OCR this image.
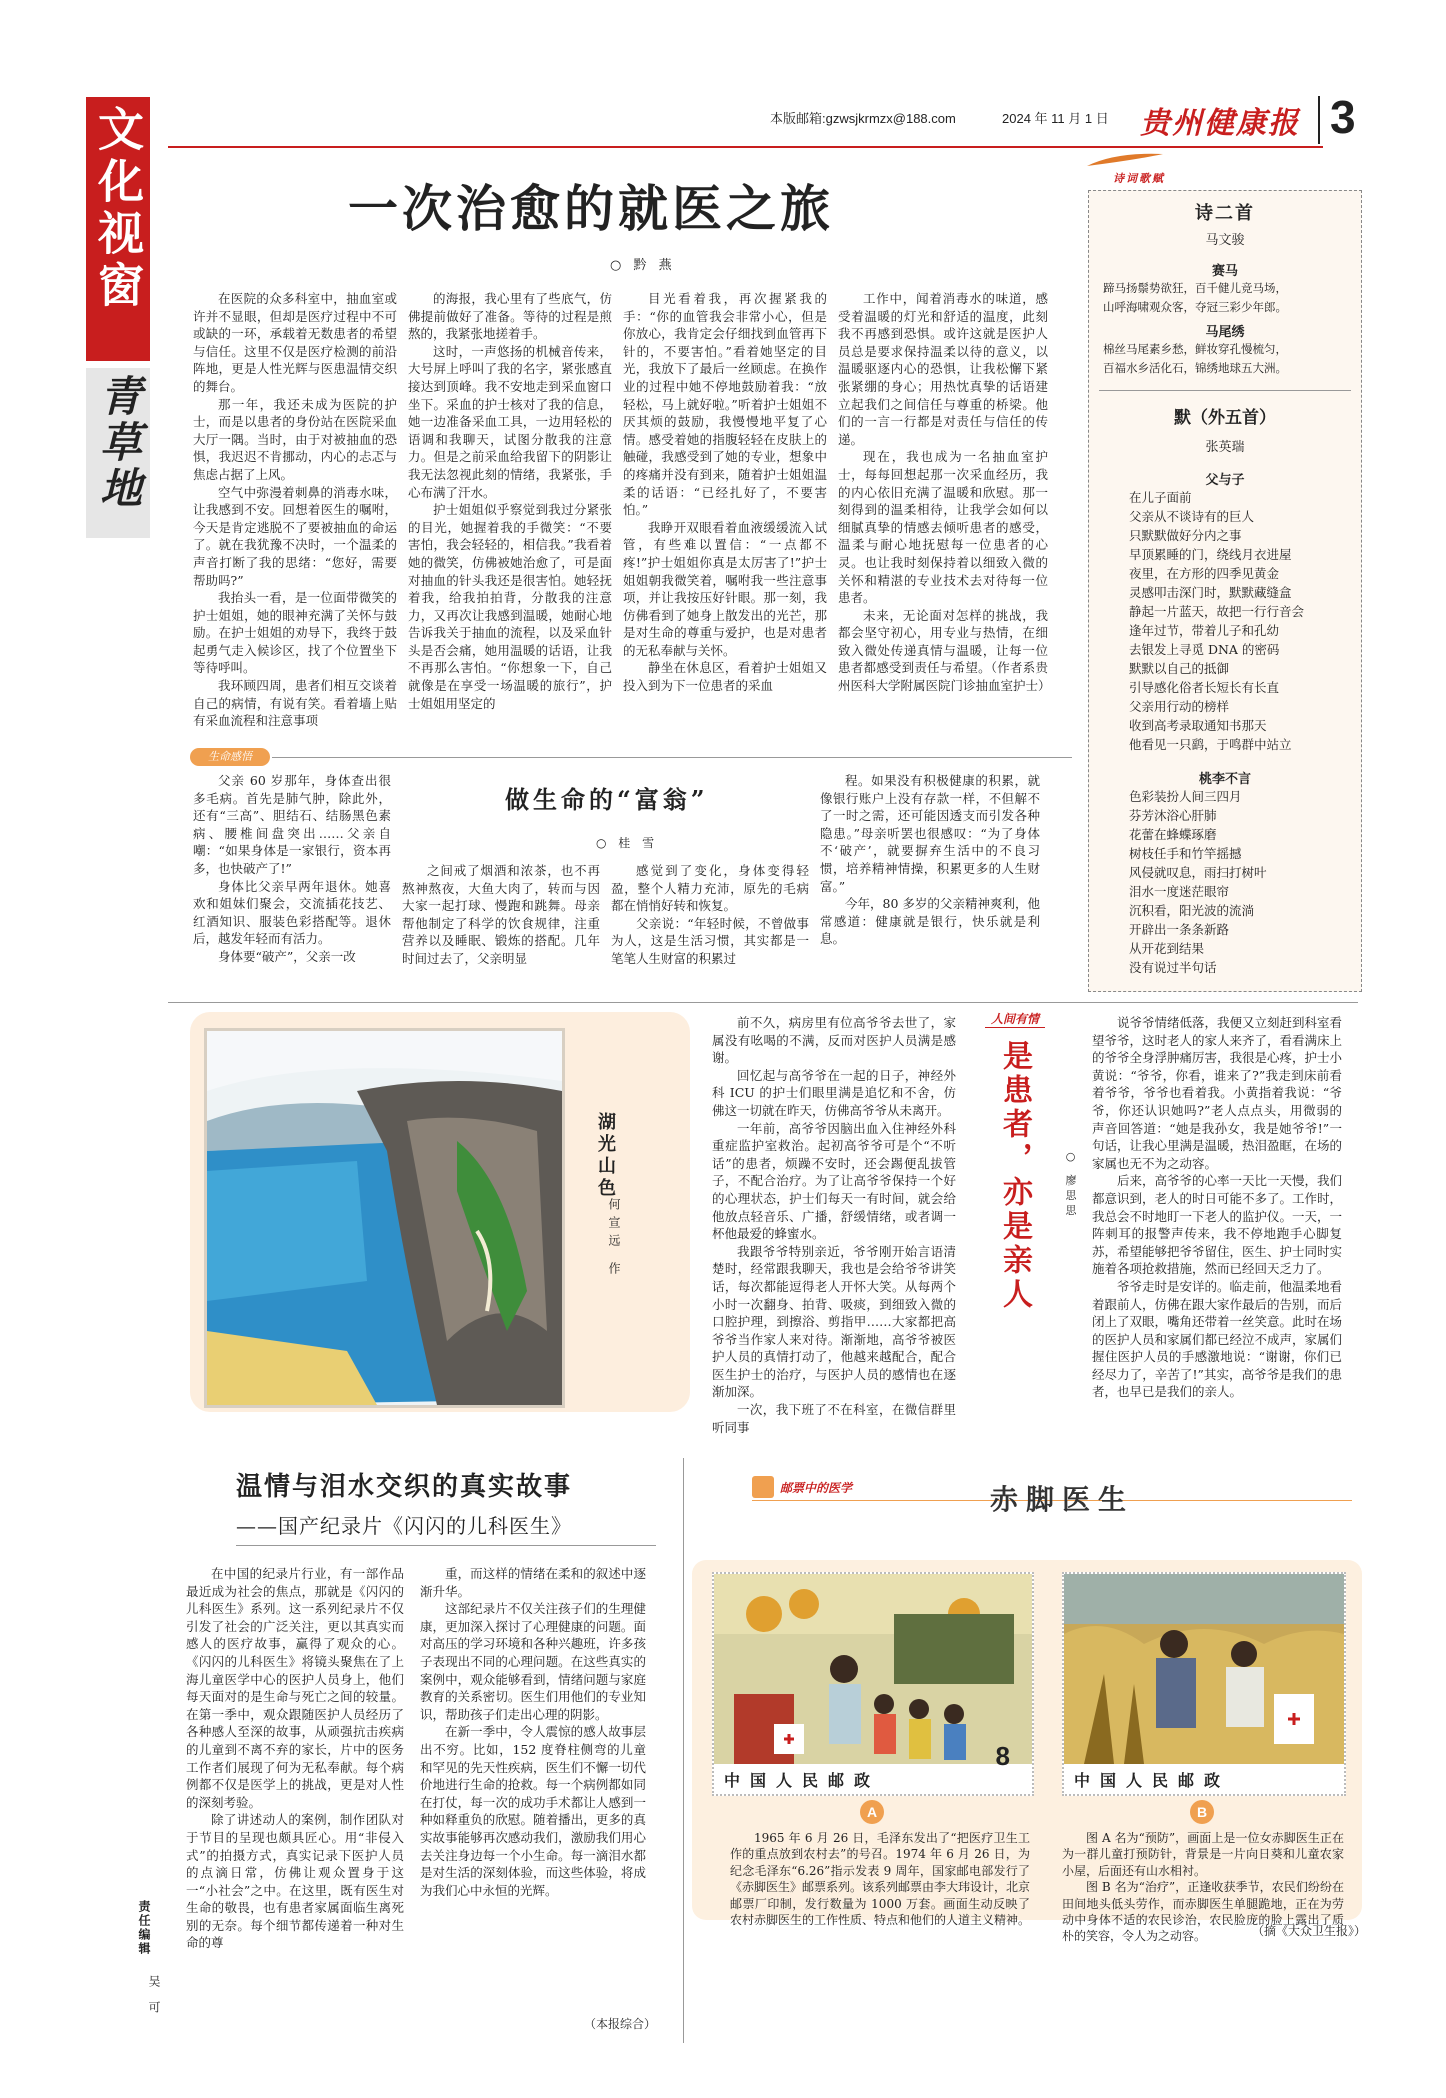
本版邮箱:gzwsjkrmzx@188.com	2024 年 11 月 1 日 贵州健康报 3
文化视窗
青草地
责任编辑
吴可
一次治愈的就医之旅
○ 黔 燕

在医院的众多科室中，抽血室或许并不显眼，但却是医疗过程中不可或缺的一环，承载着无数患者的希望与信任。这里不仅是医疗检测的前沿阵地，更是人性光辉与医患温情交织的舞台。

那一年，我还未成为医院的护士，而是以患者的身份站在医院采血大厅一隅。当时，由于对被抽血的恐惧，我迟迟不肯挪动，内心的忐忑与焦虑占据了上风。

空气中弥漫着刺鼻的消毒水味，让我感到不安。回想着医生的嘱咐，今天是肯定逃脱不了要被抽血的命运了。就在我犹豫不决时，一个温柔的声音打断了我的思绪：“您好，需要帮助吗?”

我抬头一看，是一位面带微笑的护士姐姐，她的眼神充满了关怀与鼓励。在护士姐姐的劝导下，我终于鼓起勇气走入候诊区，找了个位置坐下等待呼叫。

我环顾四周，患者们相互交谈着自己的病情，有说有笑。看着墙上贴有采血流程和注意事项

的海报，我心里有了些底气，仿佛提前做好了准备。等待的过程是煎熬的，我紧张地搓着手。

这时，一声悠扬的机械音传来，大号屏上呼叫了我的名字，紧张感直接达到顶峰。我不安地走到采血窗口坐下。采血的护士核对了我的信息，她一边准备采血工具，一边用轻松的语调和我聊天，试图分散我的注意力。但是之前采血给我留下的阴影让我无法忽视此刻的情绪，我紧张，手心布满了汗水。

护士姐姐似乎察觉到我过分紧张的目光，她握着我的手微笑：“不要害怕，我会轻轻的，相信我。”我看着她的微笑，仿佛被她治愈了，可是面对抽血的针头我还是很害怕。她轻抚着我，给我拍拍背，分散我的注意力，又再次让我感到温暖，她耐心地告诉我关于抽血的流程，以及采血针头是否会痛，她用温暖的话语，让我不再那么害怕。“你想象一下，自己就像是在享受一场温暖的旅行”，护士姐姐用坚定的

目光看着我，再次握紧我的手：“你的血管我会非常小心，但是你放心，我肯定会仔细找到血管再下针的，不要害怕。”看着她坚定的目光，我放下了最后一丝顾虑。在换作业的过程中她不停地鼓励着我：“放轻松，马上就好啦。”听着护士姐姐不厌其烦的鼓励，我慢慢地平复了心情。感受着她的指腹轻轻在皮肤上的触碰，我感受到了她的专业，想象中的疼痛并没有到来，随着护士姐姐温柔的话语：“已经扎好了，不要害怕。”

我睁开双眼看着血液缓缓流入试管，有些难以置信：“一点都不疼!”护士姐姐你真是太厉害了!”护士姐姐朝我微笑着，嘱咐我一些注意事项，并让我按压好针眼。那一刻，我仿佛看到了她身上散发出的光芒，那是对生命的尊重与爱护，也是对患者的无私奉献与关怀。

静坐在休息区，看着护士姐姐又投入到为下一位患者的采血

工作中，闻着消毒水的味道，感受着温暖的灯光和舒适的温度，此刻我不再感到恐惧。或许这就是医护人员总是要求保持温柔以待的意义，以温暖驱逐内心的恐惧，让我松懈下紧张紧绷的身心；用热忱真挚的话语建立起我们之间信任与尊重的桥梁。他们的一言一行都是对责任与信任的传递。

现在，我也成为一名抽血室护士，每每回想起那一次采血经历，我的内心依旧充满了温暖和欣慰。那一刻得到的温柔相待，让我学会如何以细腻真挚的情感去倾听患者的感受，温柔与耐心地抚慰每一位患者的心灵。也让我时刻保持着以细致入微的关怀和精湛的专业技术去对待每一位患者。

未来，无论面对怎样的挑战，我都会坚守初心，用专业与热情，在细致入微处传递真情与温暖，让每一位患者都感受到责任与希望。（作者系贵州医科大学附属医院门诊抽血室护士）

诗词歌赋
诗二首
马文骏
赛马
蹄马扬鬃势欲狂，百千健儿竞马场，
山呼海啸观众客，夺冠三彩少年郎。
马尾绣
棉丝马尾素乡愁，鲜妆穿孔慢梳匀，
百福水乡活化石，锦绣地球五大洲。
默（外五首）
张英瑞
父与子
在儿子面前
父亲从不谈诗有的巨人
只默默做好分内之事
早顶累睡的门，绕线月衣进屋
夜里，在方形的四季见黄金
灵感叩击深门时，默默藏缝盒
静起一片蓝天，故把一行行音会
逢年过节，带着儿子和孔幼
去银发上寻觅 DNA 的密码
默默以自己的抵御
引导感化俗者长短长有长直
父亲用行动的榜样
收到高考录取通知书那天
他看见一只鹞，于鸣群中站立
桃李不言
色彩装扮人间三四月
芬芳沐浴心肝肺
花蕾在蜂蝶琢磨
树枝任手和竹竿摇撼
风侵就叹息，雨扫打树叶
泪水一度迷茫眼帘
沉积看，阳光波的流淌
开辟出一条条新路
从开花到结果
没有说过半句话
生命感悟
做生命的“富翁”
○ 桂 雪

父亲 60 岁那年，身体查出很多毛病。首先是肺气肿，除此外，还有“三高”、胆结石、结肠黑色素病、腰椎间盘突出……父亲自嘲：“如果身体是一家银行，资本再多，也快破产了!”

身体比父亲早两年退休。她喜欢和姐妹们聚会，交流插花技艺、红酒知识、服装色彩搭配等。退休后，越发年轻而有活力。

身体要“破产”，父亲一改

之间戒了烟酒和浓茶，也不再熬神熬夜，大鱼大肉了，转而与因大家一起打球、慢跑和跳舞。母亲帮他制定了科学的饮食规律，注重营养以及睡眠、锻炼的搭配。几年时间过去了，父亲明显

感觉到了变化，身体变得轻盈，整个人精力充沛，原先的毛病都在悄悄好转和恢复。

父亲说：“年轻时候，不曾做事为人，这是生活习惯，其实都是一笔笔人生财富的积累过

程。如果没有积极健康的积累，就像银行账户上没有存款一样，不但解不了一时之需，还可能因透支而引发各种隐患。”母亲听罢也很感叹：“为了身体不‘破产’，就要摒弃生活中的不良习惯，培养精神情操，积累更多的人生财富。”

今年，80 多岁的父亲精神爽利，他常感道：健康就是银行，快乐就是利息。

湖光山色
何宣远 作

前不久，病房里有位高爷爷去世了，家属没有吆喝的不满，反而对医护人员满是感谢。

回忆起与高爷爷在一起的日子，神经外科 ICU 的护士们眼里满是追忆和不舍，仿佛这一切就在昨天，仿佛高爷爷从未离开。

一年前，高爷爷因脑出血入住神经外科重症监护室救治。起初高爷爷可是个“不听话”的患者，烦躁不安时，还会踢便乱拔管子，不配合治疗。为了让高爷爷保持一个好的心理状态，护士们每天一有时间，就会给他放点轻音乐、广播，舒缓情绪，或者调一杯他最爱的蜂蜜水。

我跟爷爷特别亲近，爷爷刚开始言语清楚时，经常跟我聊天，我也是会给爷爷讲笑话，每次都能逗得老人开怀大笑。从每两个小时一次翻身、拍背、吸痰，到细致入微的口腔护理，到擦浴、剪指甲……大家都把高爷爷当作家人来对待。渐渐地，高爷爷被医护人员的真情打动了，他越来越配合，配合医生护士的治疗，与医护人员的感情也在逐渐加深。

一次，我下班了不在科室，在微信群里听同事

人间有情
是患者，亦是亲人	○ 廖思思

说爷爷情绪低落，我便又立刻赶到科室看望爷爷，这时老人的家人来齐了，看看满床上的爷爷全身浮肿痛厉害，我很是心疼，护士小黄说：“爷爷，你看，谁来了?”我走到床前看着爷爷，爷爷也看着我。小黄指着我说：“爷爷，你还认识她吗?”老人点点头，用微弱的声音回答道：“她是我孙女，我是她爷爷!”一句话，让我心里满是温暖，热泪盈眶，在场的家属也无不为之动容。

后来，高爷爷的心率一天比一天慢，我们都意识到，老人的时日可能不多了。工作时，我总会不时地盯一下老人的监护仪。一天，一阵刺耳的报警声传来，我不停地跑手心脚复苏，希望能够把爷爷留住，医生、护士同时实施着各项抢救措施，然而已经回天乏力了。

爷爷走时是安详的。临走前，他温柔地看着跟前人，仿佛在跟大家作最后的告别，而后闭上了双眼，嘴角还带着一丝笑意。此时在场的医护人员和家属们都已经泣不成声，家属们握住医护人员的手感激地说：“谢谢，你们已经尽力了，辛苦了!”其实，高爷爷是我们的患者，也早已是我们的亲人。

温情与泪水交织的真实故事
——国产纪录片《闪闪的儿科医生》

在中国的纪录片行业，有一部作品最近成为社会的焦点，那就是《闪闪的儿科医生》系列。这一系列纪录片不仅引发了社会的广泛关注，更以其真实而感人的医疗故事，赢得了观众的心。《闪闪的儿科医生》将镜头聚焦在了上海儿童医学中心的医护人员身上，他们每天面对的是生命与死亡之间的较量。在第一季中，观众跟随医护人员经历了各种感人至深的故事，从顽强抗击疾病的儿童到不离不弃的家长，片中的医务工作者们展现了何为无私奉献。每个病例都不仅是医学上的挑战，更是对人性的深刻考验。

除了讲述动人的案例，制作团队对于节目的呈现也颇具匠心。用“非侵入式”的拍摄方式，真实记录下医护人员的点滴日常，仿佛让观众置身于这一“小社会”之中。在这里，既有医生对生命的敬畏，也有患者家属面临生离死别的无奈。每个细节都传递着一种对生命的尊

重，而这样的情绪在柔和的叙述中逐渐升华。

这部纪录片不仅关注孩子们的生理健康，更加深入探讨了心理健康的问题。面对高压的学习环境和各种兴趣班，许多孩子表现出不同的心理问题。在这些真实的案例中，观众能够看到，情绪问题与家庭教育的关系密切。医生们用他们的专业知识，帮助孩子们走出心理的阴影。

在新一季中，令人震惊的感人故事层出不穷。比如，152 度脊柱侧弯的儿童和罕见的先天性疾病，医生们不懈一切代价地进行生命的抢救。每一个病例都如同在打仗，每一次的成功手术都让人感到一种如释重负的欣慰。随着播出，更多的真实故事能够再次感动我们，激励我们用心去关注身边每一个小生命。每一滴泪水都是对生活的深刻体验，而这些体验，将成为我们心中永恒的光辉。

（本报综合）
邮票中的医学	赤脚医生
中国人民邮政
8
中国人民邮政
A	B

1965 年 6 月 26 日，毛泽东发出了“把医疗卫生工作的重点放到农村去”的号召。1974 年 6 月 26 日，为纪念毛泽东“6.26”指示发表 9 周年，国家邮电部发行了《赤脚医生》邮票系列。该系列邮票由李大玮设计，北京邮票厂印制，发行数量为 1000 万套。画面生动反映了农村赤脚医生的工作性质、特点和他们的人道主义精神。

图 A 名为“预防”，画面上是一位女赤脚医生正在为一群儿童打预防针，背景是一片向日葵和儿童农家小屋，后面还有山水相衬。

图 B 名为“治疗”，正逢收获季节，农民们纷纷在田间地头低头劳作，而赤脚医生单腿跪地，正在为劳动中身体不适的农民诊治，农民脸庞的脸上露出了质朴的笑容，令人为之动容。	（摘《大众卫生报》）
